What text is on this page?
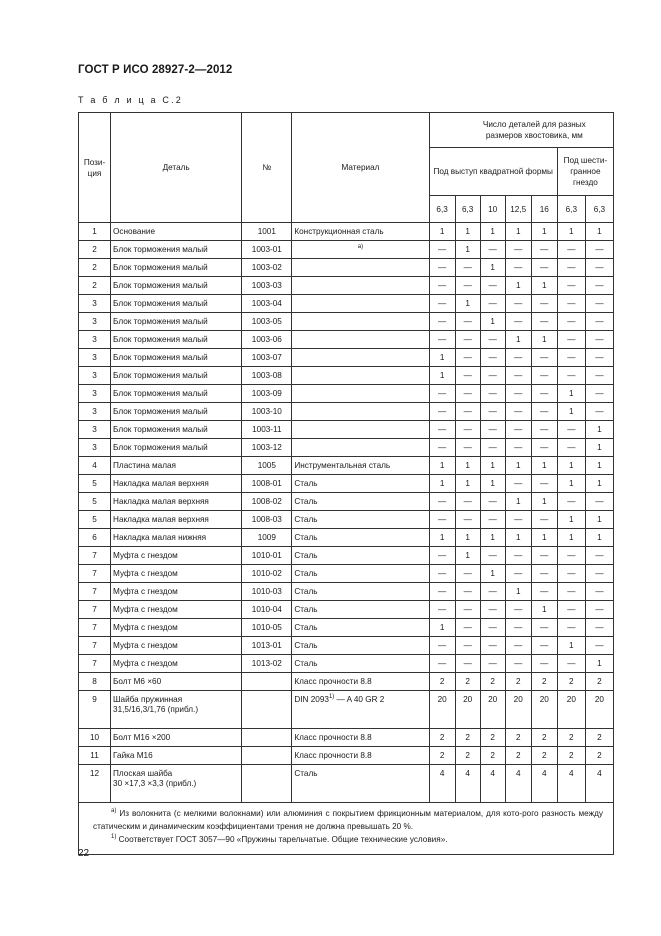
ГОСТ Р ИСО 28927-2—2012
Т а б л и ц а С.2
Пози-
ция	Деталь	№	Материал	Число деталей для разных размеров хвостовика, мм						
				Под выступ квадратной формы					Под шести-
гранное
гнездо	
				6,3	6,3	10	12,5	16	6,3	6,3
1	Основание	1001	Конструкционная сталь	1	1	1	1	1	1	1
2	Блок торможения малый	1003-01	$^{а)}$	—	1	—	—	—	—	—
2	Блок торможения малый	1003-02		—	—	1	—	—	—	—
2	Блок торможения малый	1003-03		—	—	—	1	1	—	—
3	Блок торможения малый	1003-04		—	1	—	—	—	—	—
3	Блок торможения малый	1003-05		—	—	1	—	—	—	—
3	Блок торможения малый	1003-06		—	—	—	1	1	—	—
3	Блок торможения малый	1003-07		1	—	—	—	—	—	—
3	Блок торможения малый	1003-08		1	—	—	—	—	—	—
3	Блок торможения малый	1003-09		—	—	—	—	—	1	—
3	Блок торможения малый	1003-10		—	—	—	—	—	1	—
3	Блок торможения малый	1003-11		—	—	—	—	—	—	1
3	Блок торможения малый	1003-12		—	—	—	—	—	—	1
4	Пластина малая	1005	Инструментальная сталь	1	1	1	1	1	1	1
5	Накладка малая верхняя	1008-01	Сталь	1	1	1	—	—	1	1
5	Накладка малая верхняя	1008-02	Сталь	—	—	—	1	1	—	—
5	Накладка малая верхняя	1008-03	Сталь	—	—	—	—	—	1	1
6	Накладка малая нижняя	1009	Сталь	1	1	1	1	1	1	1
7	Муфта с гнездом	1010-01	Сталь	—	1	—	—	—	—	—
7	Муфта с гнездом	1010-02	Сталь	—	—	1	—	—	—	—
7	Муфта с гнездом	1010-03	Сталь	—	—	—	1	—	—	—
7	Муфта с гнездом	1010-04	Сталь	—	—	—	—	1	—	—
7	Муфта с гнездом	1010-05	Сталь	1	—	—	—	—	—	—
7	Муфта с гнездом	1013-01	Сталь	—	—	—	—	—	1	—
7	Муфта с гнездом	1013-02	Сталь	—	—	—	—	—	—	1
8	Болт М6 ×60		Класс прочности 8.8	2	2	2	2	2	2	2
9	Шайба пружинная
31,5/16,3/1,76 (прибл.)		DIN 2093$^{1)}$ — A 40 GR 2	20	20	20	20	20	20	20
10	Болт М16 ×200		Класс прочности 8.8	2	2	2	2	2	2	2
11	Гайка М16		Класс прочности 8.8	2	2	2	2	2	2	2
12	Плоская шайба
30 ×17,3 ×3,3 (прибл.)		Сталь	4	4	4	4	4	4	4

$^{а)}$ Из волокнита (с мелкими волокнами) или алюминия с покрытием фрикционным материалом, для кото-рого разность между статическим и динамическим коэффициентами трения не должна превышать 20 %.
$^{1)}$ Соответствует ГОСТ 3057—90 «Пружины тарельчатые. Общие технические условия».										
22
